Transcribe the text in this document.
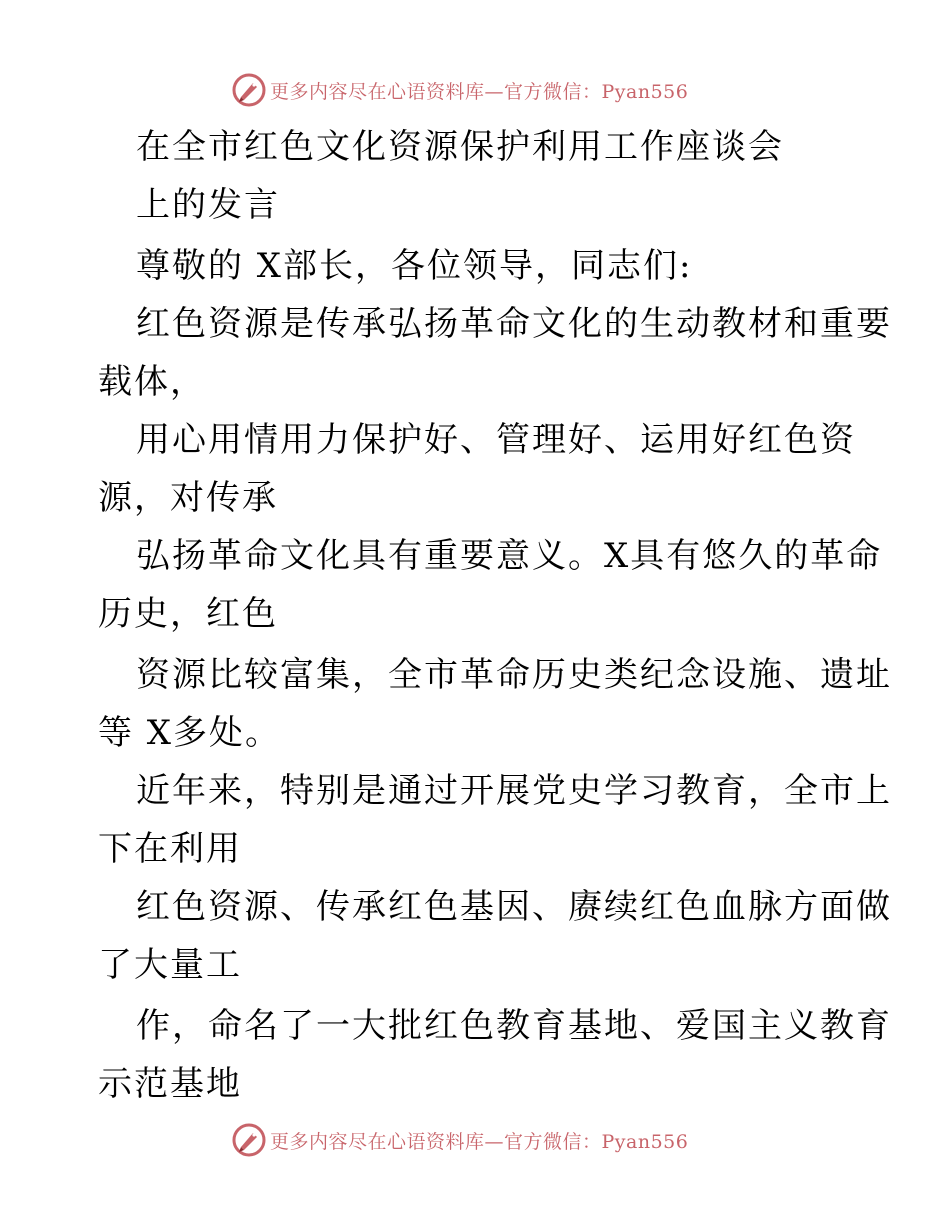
更多内容尽在心语资料库—官方微信：Pyan556
在全市红色文化资源保护利用工作座谈会
上的发言
尊敬的 X部长，各位领导，同志们:
红色资源是传承弘扬革命文化的生动教材和重要
载体，
用心用情用力保护好、管理好、运用好红色资
源，对传承
弘扬革命文化具有重要意义。X具有悠久的革命
历史，红色
资源比较富集，全市革命历史类纪念设施、遗址
等 X多处。
近年来，特别是通过开展党史学习教育，全市上
下在利用
红色资源、传承红色基因、赓续红色血脉方面做
了大量工
作，命名了一大批红色教育基地、爱国主义教育
示范基地
更多内容尽在心语资料库—官方微信：Pyan556
